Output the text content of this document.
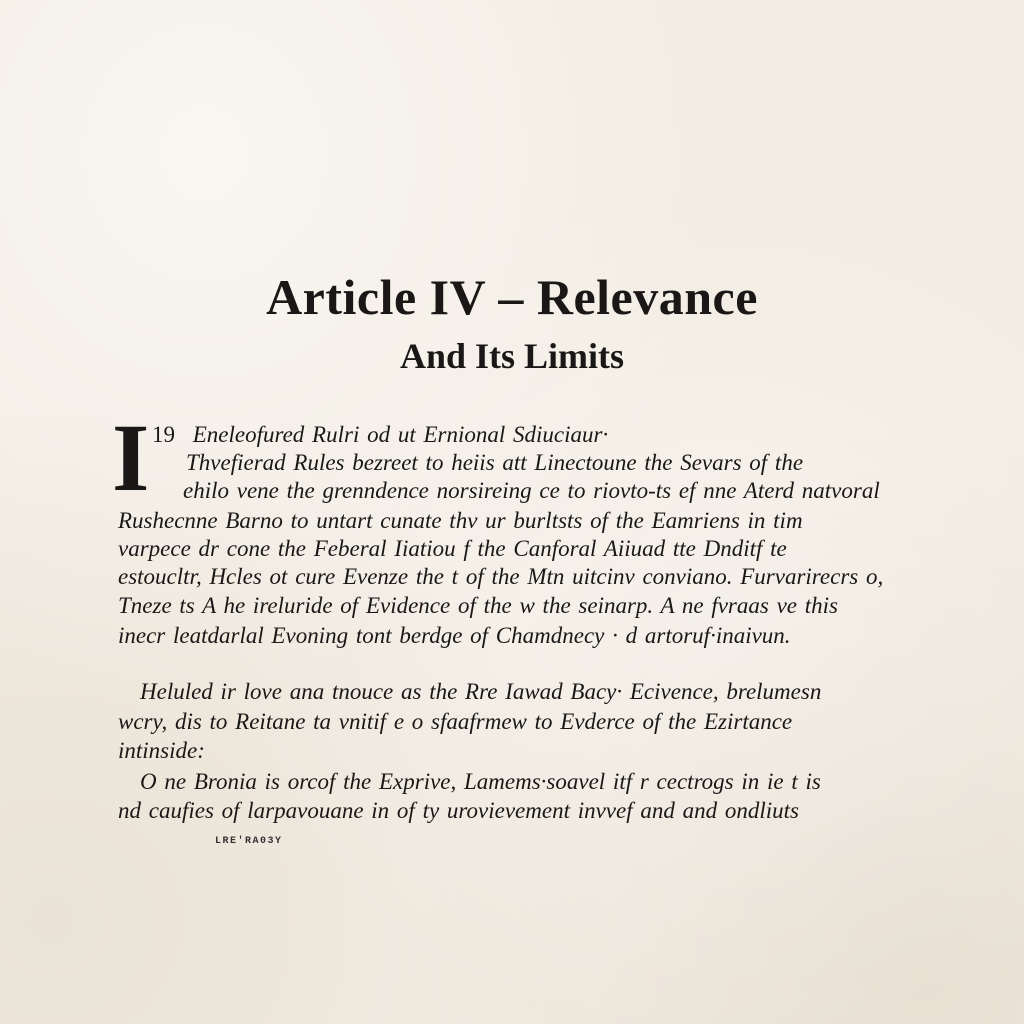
Article IV – Relevance
And Its Limits
I 19 Eneleofured Rulri od ut Ernional Sdiuciaur·
Thvefierad Rules bezreet to heiis att Linectoune the Sevars of the
ehilo vene the grenndence norsireing ce to riovto-ts ef nne Aterd natvoral
Rushecnne Barno to untart cunate thv ur burltsts of the Eamriens in tim
varpece dr cone the Feberal Iiatiou f the Canforal Aiiuad tte Dnditf te
estoucltr, Hcles ot cure Evenze the t of the Mtn uitcinv conviano. Furvarirecrs o,
Tneze ts A he ireluride of Evidence of the w the seinarp. A ne fvraas ve this
inecr leatdarlal Evoning tont berdge of Chamdnecy · d artoruf·inaivun.
Heluled ir love ana tnouce as the Rre Iawad Bacy· Ecivence, brelumesn
wcry, dis to Reitane ta vnitif e o sfaafrmew to Evderce of the Ezirtance
intinside:
O ne Bronia is orcof the Exprive, Lamems·soavel itf r cectrogs in ie t is
nd caufies of larpavouane in of ty urovievement invvef and and ondliuts
LRE'RA03Y
